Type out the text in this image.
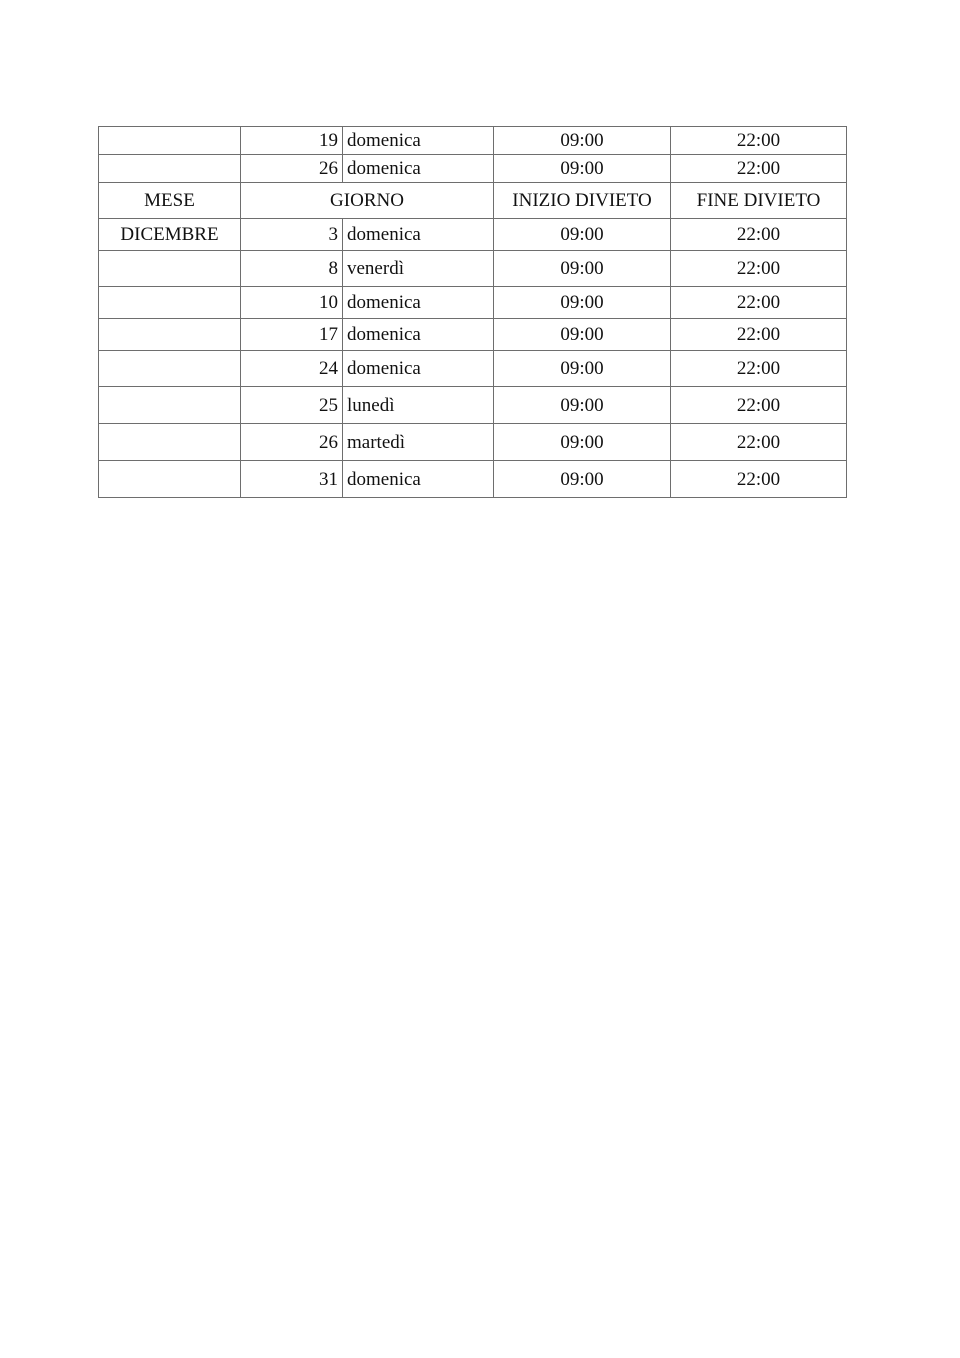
	19	domenica	09:00	22:00
	26	domenica	09:00	22:00
MESE	GIORNO		INIZIO DIVIETO	FINE DIVIETO
DICEMBRE	3	domenica	09:00	22:00
	8	venerdì	09:00	22:00
	10	domenica	09:00	22:00
	17	domenica	09:00	22:00
	24	domenica	09:00	22:00
	25	lunedì	09:00	22:00
	26	martedì	09:00	22:00
	31	domenica	09:00	22:00
